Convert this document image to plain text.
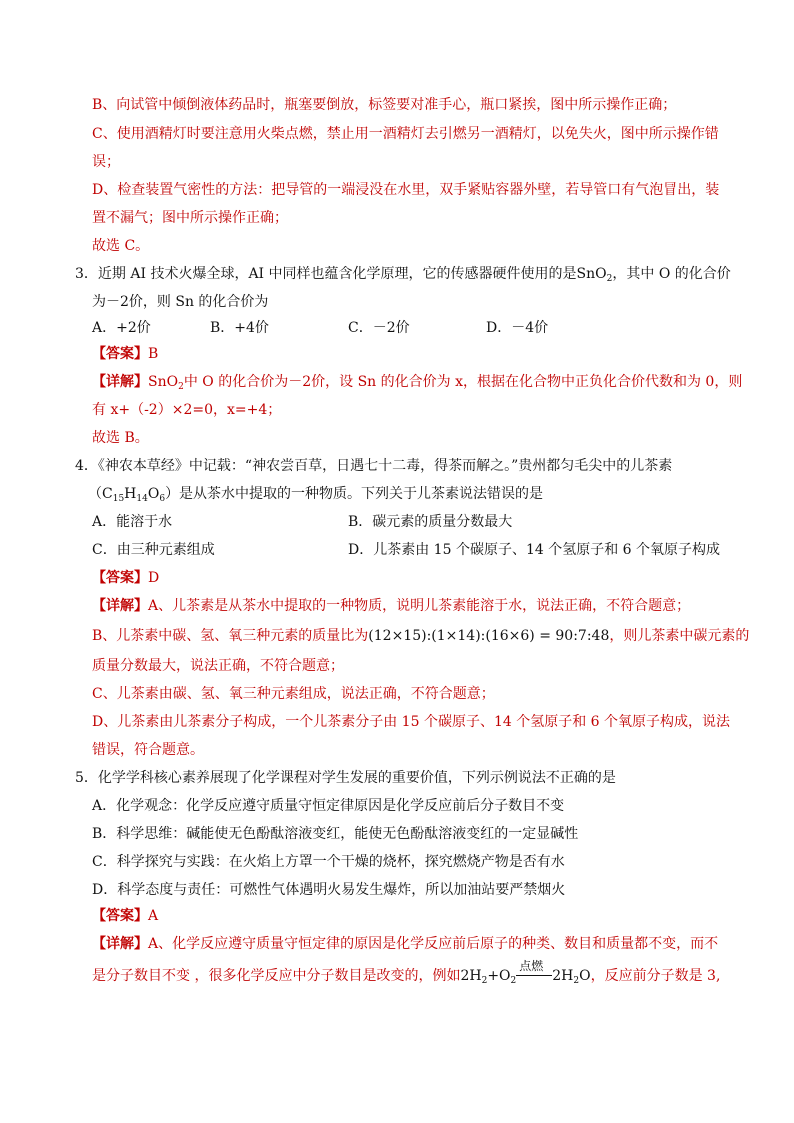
B、向试管中倾倒液体药品时，瓶塞要倒放，标签要对准手心，瓶口紧挨，图中所示操作正确；
C、使用酒精灯时要注意用火柴点燃，禁止用一酒精灯去引燃另一酒精灯，以免失火，图中所示操作错
误；
D、检查装置气密性的方法：把导管的一端浸没在水里，双手紧贴容器外壁，若导管口有气泡冒出，装
置不漏气；图中所示操作正确；
故选 C。
3．近期 AI 技术火爆全球，AI 中同样也蕴含化学原理，它的传感器硬件使用的是SnO$_2$，其中 O 的化合价
为－2价，则 Sn 的化合价为
A．+2价	B．+4价	C．－2价	D．－4价
【答案】B
【详解】SnO$_2$中 O 的化合价为－2价，设 Sn 的化合价为 x，根据在化合物中正负化合价代数和为 0，则
有 x+（-2）×2=0，x=+4；
故选 B。
4．《神农本草经》中记载：“神农尝百草，日遇七十二毒，得茶而解之。”贵州都匀毛尖中的儿茶素
$(C_{15}H_{14}O_6)$是从茶水中提取的一种物质。下列关于儿茶素说法错误的是
A．能溶于水	B．碳元素的质量分数最大
C．由三种元素组成	D．儿茶素由 15 个碳原子、14 个氢原子和 6 个氧原子构成
【答案】D
【详解】A、儿茶素是从茶水中提取的一种物质，说明儿茶素能溶于水，说法正确，不符合题意；
B、儿茶素中碳、氢、氧三种元素的质量比为(12×15):(1×14):(16×6) = 90:7:48，则儿茶素中碳元素的
质量分数最大，说法正确，不符合题意；
C、儿茶素由碳、氢、氧三种元素组成，说法正确，不符合题意；
D、儿茶素由儿茶素分子构成，一个儿茶素分子由 15 个碳原子、14 个氢原子和 6 个氧原子构成，说法
错误，符合题意。
5．化学学科核心素养展现了化学课程对学生发展的重要价值，下列示例说法不正确的是
A．化学观念：化学反应遵守质量守恒定律原因是化学反应前后分子数目不变
B．科学思维：碱能使无色酚酞溶液变红，能使无色酚酞溶液变红的一定显碱性
C．科学探究与实践：在火焰上方罩一个干燥的烧杯，探究燃烧产物是否有水
D．科学态度与责任：可燃性气体遇明火易发生爆炸，所以加油站要严禁烟火
【答案】A
【详解】A、化学反应遵守质量守恒定律的原因是化学反应前后原子的种类、数目和质量都不变，而不
是分子数目不变 ，很多化学反应中分子数目是改变的，例如$2H_2+O_2$
点燃
$2H_2O$，反应前分子数是 3,
